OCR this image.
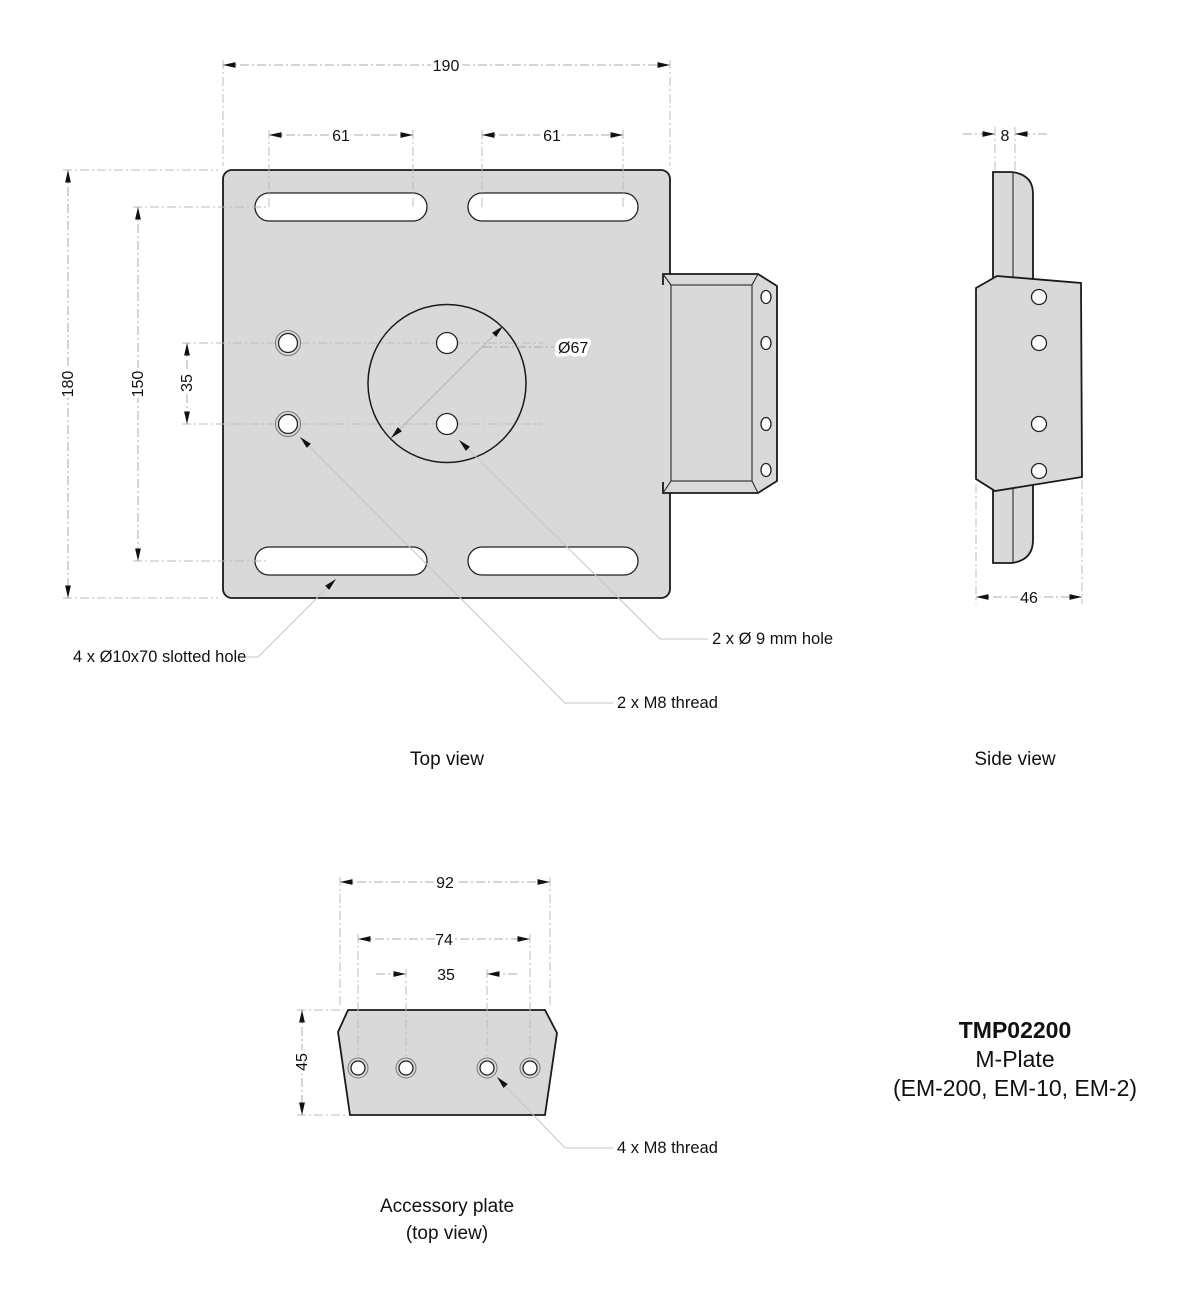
190
61	61
180	150 35
Ø67
4 x Ø10x70 slotted hole
2 x Ø 9 mm hole
2 x M8 thread
Top view
8
46
Side view
92
74
35
45
4 x M8 thread
Accessory plate
(top view)
TMP02200
M-Plate
(EM-200, EM-10, EM-2)
